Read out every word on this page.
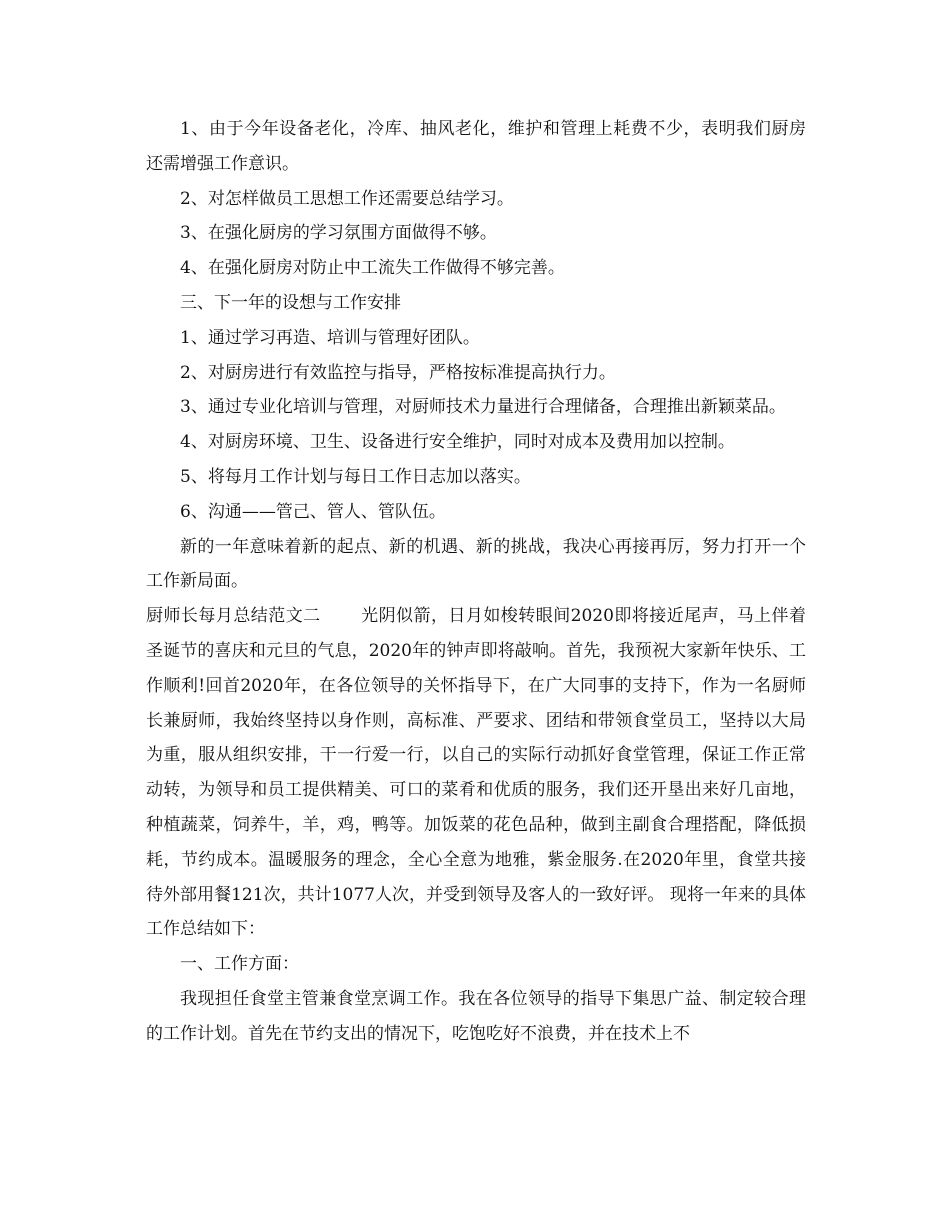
1、由于今年设备老化，冷库、抽风老化，维护和管理上耗费不少，表明我们厨房 还需增强工作意识。

2、对怎样做员工思想工作还需要总结学习。

3、在强化厨房的学习氛围方面做得不够。

4、在强化厨房对防止中工流失工作做得不够完善。

三、下一年的设想与工作安排

1、通过学习再造、培训与管理好团队。

2、对厨房进行有效监控与指导，严格按标准提高执行力。

3、通过专业化培训与管理，对厨师技术力量进行合理储备，合理推出新颖菜品。

4、对厨房环境、卫生、设备进行安全维护，同时对成本及费用加以控制。

5、将每月工作计划与每日工作日志加以落实。

6、沟通——管己、管人、管队伍。

新的一年意味着新的起点、新的机遇、新的挑战，我决心再接再厉，努力打开一个工作新局面。

厨师长每月总结范文二 光阴似箭，日月如梭转眼间2020即将接近尾声，马上伴着圣诞节的喜庆和元旦的气息，2020年的钟声即将敲响。首先，我预祝大家新年快乐、工作顺利!回首2020年，在各位领导的关怀指导下，在广大同事的支持下，作为一名厨师长兼厨师，我始终坚持以身作则，高标准、严要求、团结和带领食堂员工，坚持以大局为重，服从组织安排，干一行爱一行，以自己的实际行动抓好食堂管理，保证工作正常动转，为领导和员工提供精美、可口的菜肴和优质的服务，我们还开垦出来好几亩地，种植蔬菜，饲养牛，羊，鸡，鸭等。加饭菜的花色品种，做到主副食合理搭配，降低损耗，节约成本。温暖服务的理念，全心全意为地雅，紫金服务.在2020年里，食堂共接待外部用餐121次，共计1077人次，并受到领导及客人的一致好评。 现将一年来的具体工作总结如下：

一、工作方面：

我现担任食堂主管兼食堂烹调工作。我在各位领导的指导下集思广益、制定较合理的工作计划。首先在节约支出的情况下，吃饱吃好不浪费，并在技术上不
